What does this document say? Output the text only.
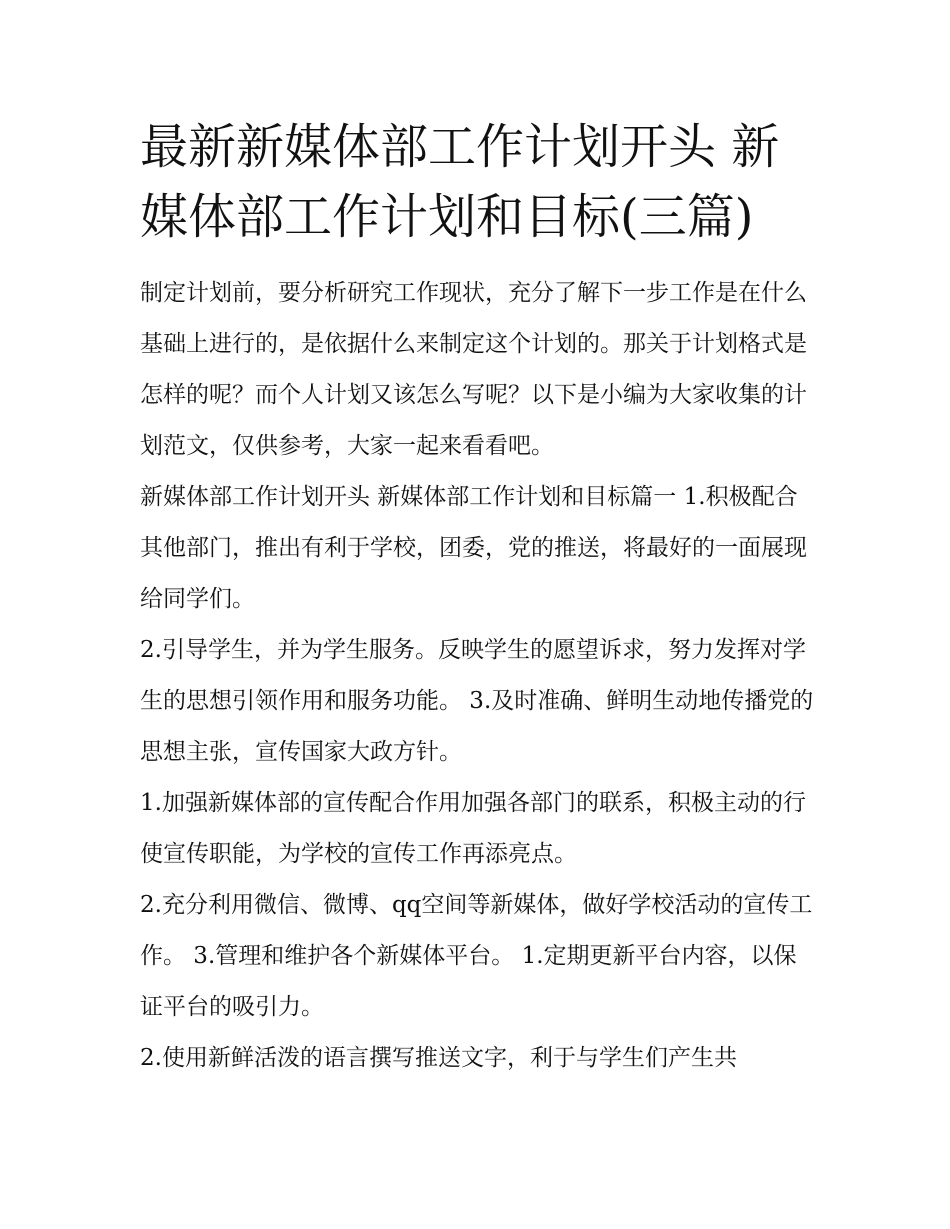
最新新媒体部工作计划开头 新媒体部工作计划和目标(三篇)

制定计划前，要分析研究工作现状，充分了解下一步工作是在什么基础上进行的，是依据什么来制定这个计划的。那关于计划格式是怎样的呢？而个人计划又该怎么写呢？以下是小编为大家收集的计划范文，仅供参考，大家一起来看看吧。

新媒体部工作计划开头 新媒体部工作计划和目标篇一 1.积极配合其他部门，推出有利于学校，团委，党的推送，将最好的一面展现给同学们。

2.引导学生，并为学生服务。反映学生的愿望诉求，努力发挥对学生的思想引领作用和服务功能。 3.及时准确、鲜明生动地传播党的思想主张，宣传国家大政方针。

1.加强新媒体部的宣传配合作用加强各部门的联系，积极主动的行使宣传职能，为学校的宣传工作再添亮点。

2.充分利用微信、微博、qq空间等新媒体，做好学校活动的宣传工作。 3.管理和维护各个新媒体平台。 1.定期更新平台内容，以保证平台的吸引力。

2.使用新鲜活泼的语言撰写推送文字，利于与学生们产生共
